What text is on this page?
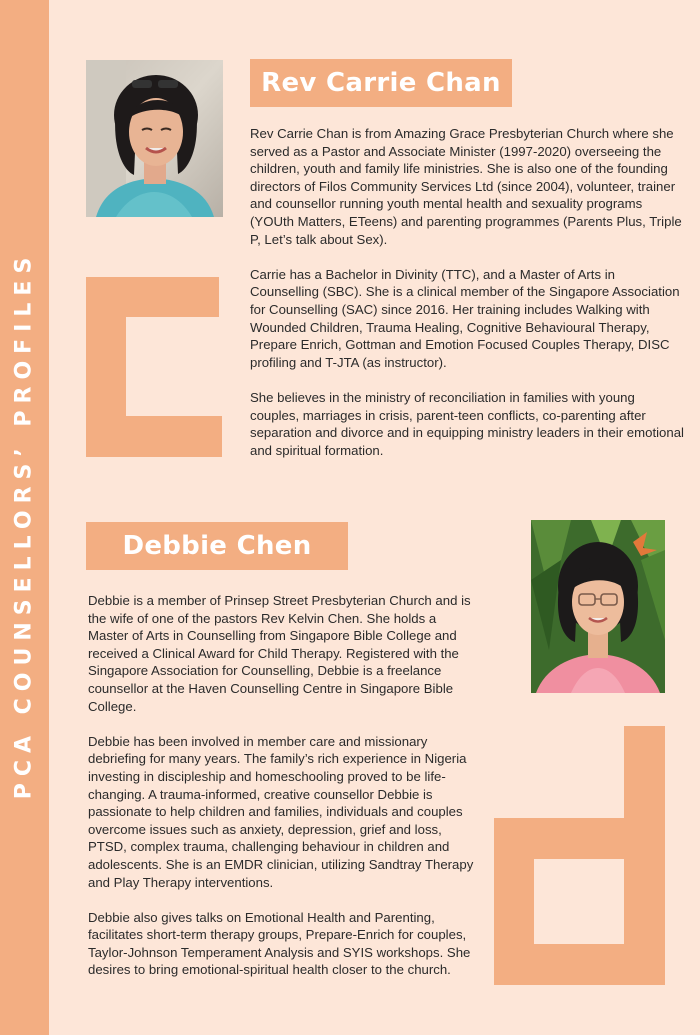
PCA COUNSELLORS’ PROFILES
Rev Carrie Chan

Rev Carrie Chan is from Amazing Grace Presbyterian Church where she served as a Pastor and Associate Minister (1997-2020) overseeing the children, youth and family life ministries. She is also one of the founding directors of Filos Community Services Ltd (since 2004), volunteer, trainer and counsellor running youth mental health and sexuality programs (YOUth Matters, ETeens) and parenting programmes (Parents Plus, Triple P, Let’s talk about Sex).

Carrie has a Bachelor in Divinity (TTC), and a Master of Arts in Counselling (SBC). She is a clinical member of the Singapore Association for Counselling (SAC) since 2016. Her training includes Walking with Wounded Children, Trauma Healing, Cognitive Behavioural Therapy, Prepare Enrich, Gottman and Emotion Focused Couples Therapy, DISC profiling and T-JTA (as instructor).

She believes in the ministry of reconciliation in families with young couples, marriages in crisis, parent-teen conflicts, co-parenting after separation and divorce and in equipping ministry leaders in their emotional and spiritual formation.

Debbie Chen

Debbie is a member of Prinsep Street Presbyterian Church and is the wife of one of the pastors Rev Kelvin Chen. She holds a Master of Arts in Counselling from Singapore Bible College and received a Clinical Award for Child Therapy. Registered with the Singapore Association for Counselling, Debbie is a freelance counsellor at the Haven Counselling Centre in Singapore Bible College.

Debbie has been involved in member care and missionary debriefing for many years. The family’s rich experience in Nigeria investing in discipleship and homeschooling proved to be life-changing. A trauma-informed, creative counsellor Debbie is passionate to help children and families, individuals and couples overcome issues such as anxiety, depression, grief and loss, PTSD, complex trauma, challenging behaviour in children and adolescents. She is an EMDR clinician, utilizing Sandtray Therapy and Play Therapy interventions.

Debbie also gives talks on Emotional Health and Parenting, facilitates short-term therapy groups, Prepare-Enrich for couples, Taylor-Johnson Temperament Analysis and SYIS workshops. She desires to bring emotional-spiritual health closer to the church.
